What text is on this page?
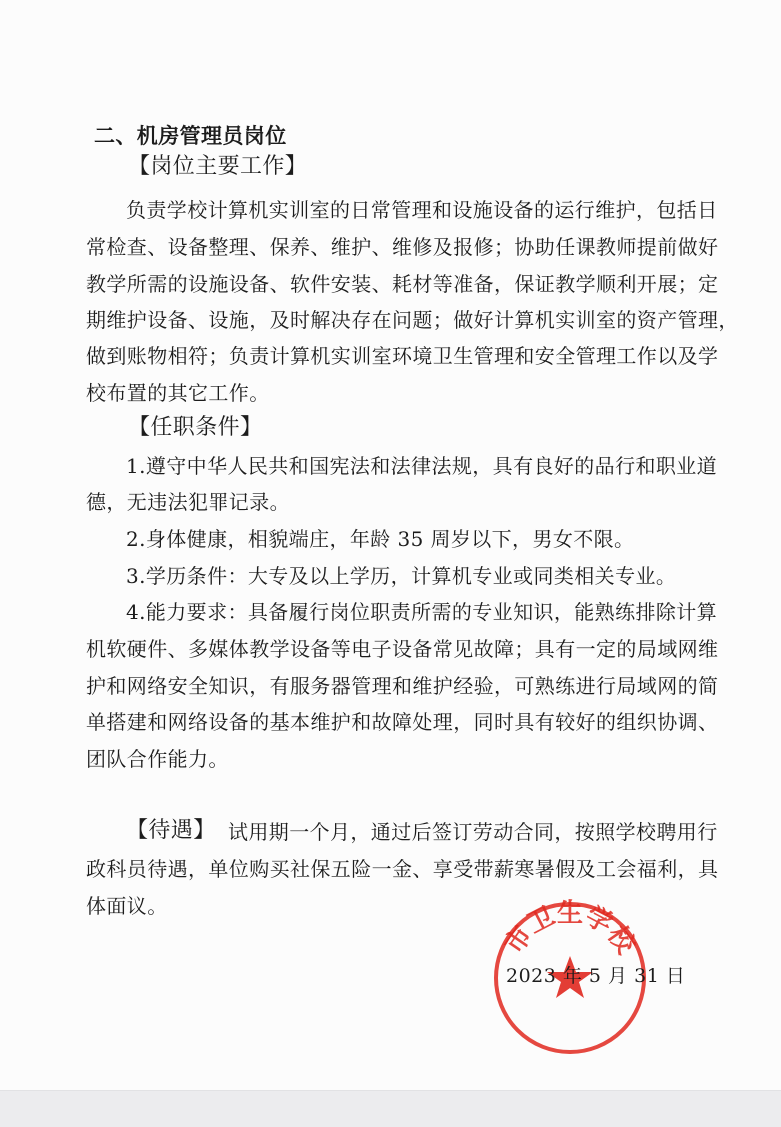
二、机房管理员岗位
【岗位主要工作】
负责学校计算机实训室的日常管理和设施设备的运行维护，包括日
常检查、设备整理、保养、维护、维修及报修；协助任课教师提前做好
教学所需的设施设备、软件安装、耗材等准备，保证教学顺利开展；定
期维护设备、设施，及时解决存在问题；做好计算机实训室的资产管理，
做到账物相符；负责计算机实训室环境卫生管理和安全管理工作以及学
校布置的其它工作。
【任职条件】
1.遵守中华人民共和国宪法和法律法规，具有良好的品行和职业道
德，无违法犯罪记录。
2.身体健康，相貌端庄，年龄 35 周岁以下，男女不限。
3.学历条件：大专及以上学历，计算机专业或同类相关专业。
4.能力要求：具备履行岗位职责所需的专业知识，能熟练排除计算
机软硬件、多媒体教学设备等电子设备常见故障；具有一定的局域网维
护和网络安全知识，有服务器管理和维护经验，可熟练进行局域网的简
单搭建和网络设备的基本维护和故障处理，同时具有较好的组织协调、
团队合作能力。
【待遇】 试用期一个月，通过后签订劳动合同，按照学校聘用行
政科员待遇，单位购买社保五险一金、享受带薪寒暑假及工会福利，具
体面议。
市卫生学校
2023 年 5 月 31 日
